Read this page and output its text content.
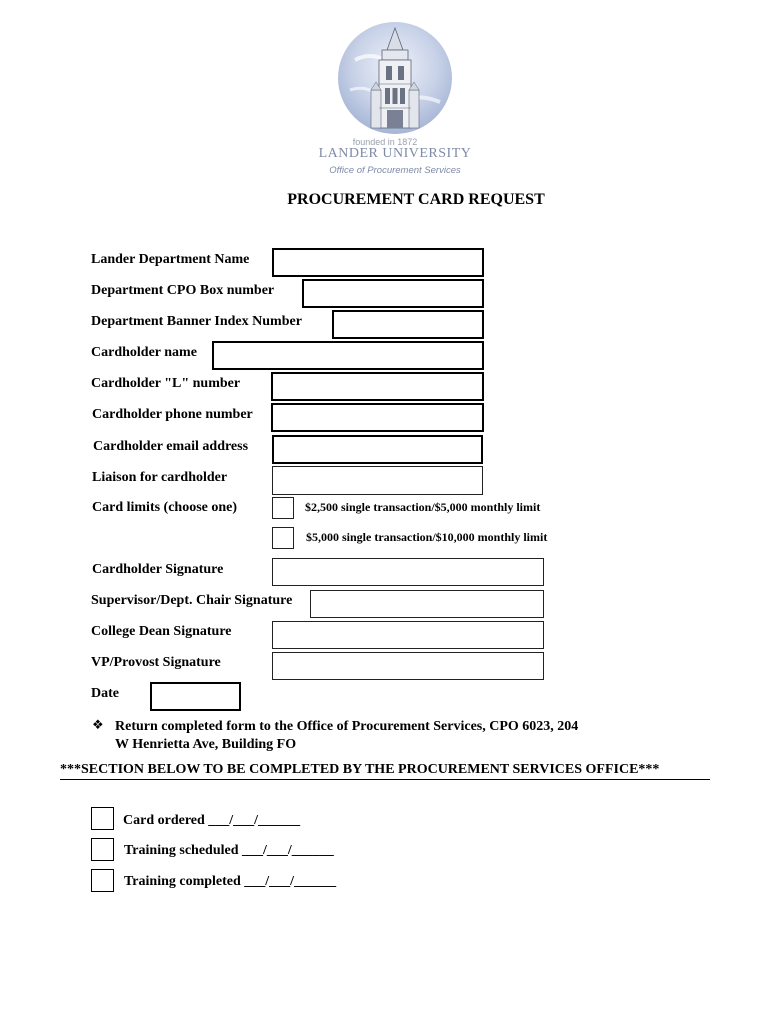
founded in 1872
LANDER UNIVERSITY
Office of Procurement Services
PROCUREMENT CARD REQUEST
Lander Department Name
Department CPO Box number
Department Banner Index Number
Cardholder name
Cardholder "L" number
Cardholder phone number
Cardholder email address
Liaison for cardholder
Card limits (choose one)	$2,500 single transaction/$5,000 monthly limit
$5,000 single transaction/$10,000 monthly limit
Cardholder Signature
Supervisor/Dept. Chair Signature
College Dean Signature
VP/Provost Signature
Date
❖ Return completed form to the Office of Procurement Services, CPO 6023, 204
W Henrietta Ave, Building FO
***SECTION BELOW TO BE COMPLETED BY THE PROCUREMENT SERVICES OFFICE***
Card ordered ___/___/______
Training scheduled ___/___/______
Training completed ___/___/______
